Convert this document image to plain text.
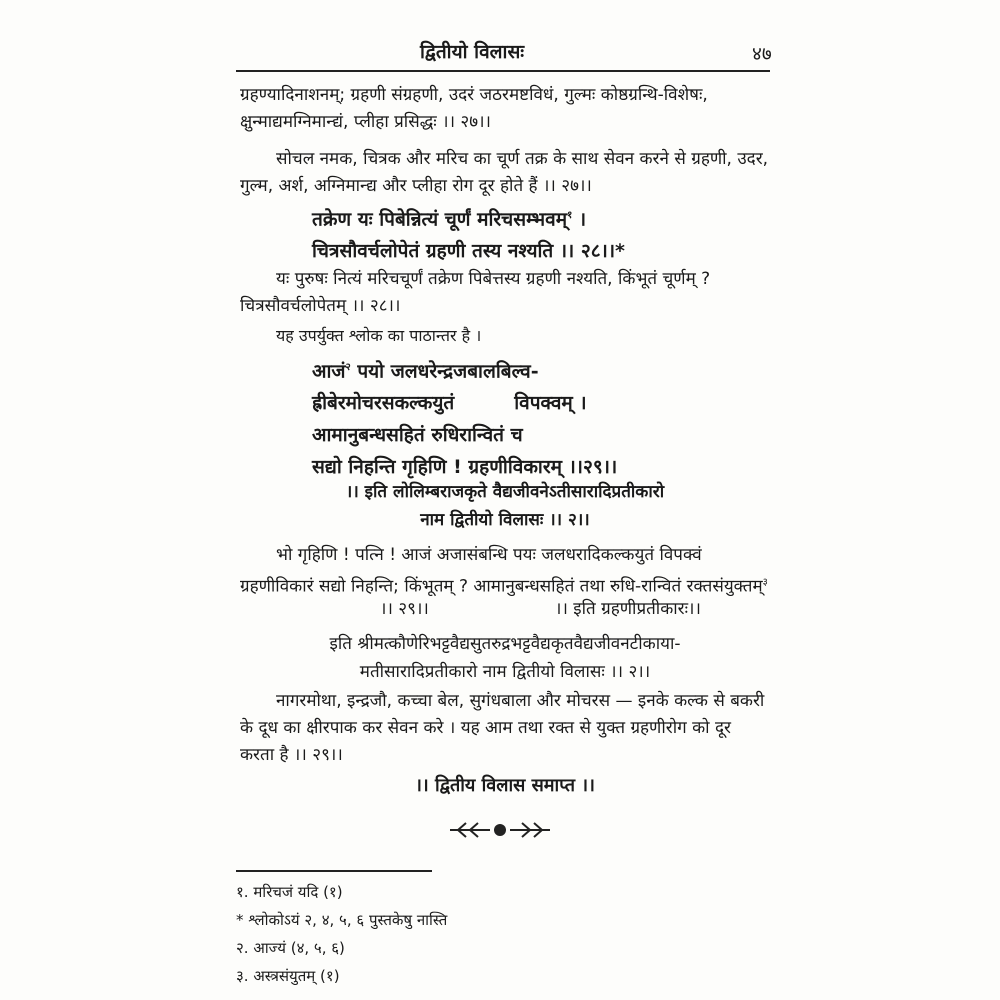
द्वितीयो विलासः	४७

ग्रहण्यादिनाशनम्; ग्रहणी संग्रहणी, उदरं जठरमष्टविधं, गुल्मः कोष्ठग्रन्थि-विशेषः, क्षुन्माद्यमग्निमान्द्यं, प्लीहा प्रसिद्धः ।। २७।।

सोचल नमक, चित्रक और मरिच का चूर्ण तक्र के साथ सेवन करने से ग्रहणी, उदर, गुल्म, अर्श, अग्निमान्द्य और प्लीहा रोग दूर होते हैं ।। २७।।

तक्रेण यः पिबेन्नित्यं चूर्णं मरिचसम्भवम्$^१$ ।
चित्रसौवर्चलोपेतं ग्रहणी तस्य नश्यति ।। २८।।*

यः पुरुषः नित्यं मरिचचूर्णं तक्रेण पिबेत्तस्य ग्रहणी नश्यति, किंभूतं चूर्णम् ? चित्रसौवर्चलोपेतम् ।। २८।।

यह उपर्युक्त श्लोक का पाठान्तर है ।

आजं$^२$ पयो जलधरेन्द्रजबालबिल्व-
ह्रीबेरमोचरसकल्कयुतं	विपक्वम् ।
आमानुबन्धसहितं रुधिरान्वितं च
सद्यो निहन्ति गृहिणि ! ग्रहणीविकारम् ।।२९।।
।। इति लोलिम्बराजकृते वैद्यजीवनेऽतीसारादिप्रतीकारो
नाम द्वितीयो विलासः ।। २।।

भो गृहिणि ! पत्नि ! आजं अजासंबन्धि पयः जलधरादिकल्कयुतं विपक्वं ग्रहणीविकारं सद्यो निहन्ति; किंभूतम् ? आमानुबन्धसहितं तथा रुधि-रान्वितं रक्तसंयुक्तम्$^३$

।। २९।।	।। इति ग्रहणीप्रतीकारः।।
इति श्रीमत्कौणेरिभट्टवैद्यसुतरुद्रभट्टवैद्यकृतवैद्यजीवनटीकाया-
मतीसारादिप्रतीकारो नाम द्वितीयो विलासः ।। २।।

नागरमोथा, इन्द्रजौ, कच्चा बेल, सुगंधबाला और मोचरस — इनके कल्क से बकरी के दूध का क्षीरपाक कर सेवन करे । यह आम तथा रक्त से युक्त ग्रहणीरोग को दूर करता है ।। २९।।

।। द्वितीय विलास समाप्त ।।
१. मरिचजं यदि (१)
* श्लोकोऽयं २, ४, ५, ६ पुस्तकेषु नास्ति
२. आज्यं (४, ५, ६)
३. अस्त्रसंयुतम् (१)
